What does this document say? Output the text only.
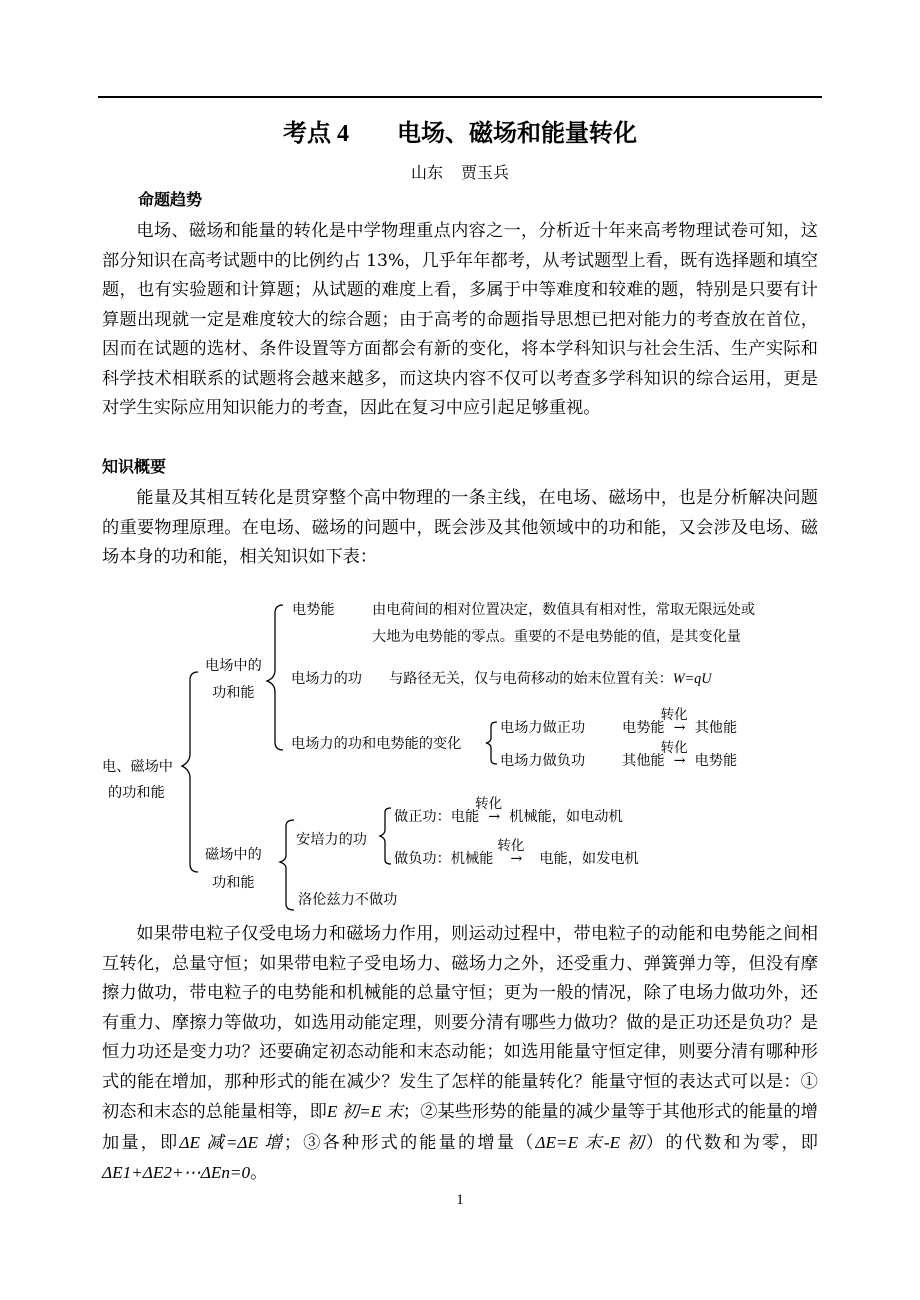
考点 4 电场、磁场和能量转化
山东 贾玉兵
命题趋势

电场、磁场和能量的转化是中学物理重点内容之一，分析近十年来高考物理试卷可知，这部分知识在高考试题中的比例约占 13%，几乎年年都考，从考试题型上看，既有选择题和填空题，也有实验题和计算题；从试题的难度上看，多属于中等难度和较难的题，特别是只要有计算题出现就一定是难度较大的综合题；由于高考的命题指导思想已把对能力的考查放在首位，因而在试题的选材、条件设置等方面都会有新的变化，将本学科知识与社会生活、生产实际和科学技术相联系的试题将会越来越多，而这块内容不仅可以考查多学科知识的综合运用，更是对学生实际应用知识能力的考查，因此在复习中应引起足够重视。

知识概要

能量及其相互转化是贯穿整个高中物理的一条主线，在电场、磁场中，也是分析解决问题的重要物理原理。在电场、磁场的问题中，既会涉及其他领域中的功和能，又会涉及电场、磁场本身的功和能，相关知识如下表：

电、磁场中
的功和能
电场中的
功和能
电势能	由电荷间的相对位置决定，数值具有相对性，常取无限远处或
大地为电势能的零点。重要的不是电势能的值，是其变化量
电场力的功 与路径无关，仅与电荷移动的始末位置有关：W=qU
电场力的功和电势能的变化
电场力做正功	电势能
转化
→ 其他能
电场力做负功	其他能
转化
→ 电势能
磁场中的
功和能
安培力的功
做正功：电能
转化
→ 机械能，如电动机
做负功：机械能
转化
→ 电能，如发电机
洛伦兹力不做功

如果带电粒子仅受电场力和磁场力作用，则运动过程中，带电粒子的动能和电势能之间相互转化，总量守恒；如果带电粒子受电场力、磁场力之外，还受重力、弹簧弹力等，但没有摩擦力做功，带电粒子的电势能和机械能的总量守恒；更为一般的情况，除了电场力做功外，还有重力、摩擦力等做功，如选用动能定理，则要分清有哪些力做功？做的是正功还是负功？是恒力功还是变力功？还要确定初态动能和末态动能；如选用能量守恒定律，则要分清有哪种形式的能在增加，那种形式的能在减少？发生了怎样的能量转化？能量守恒的表达式可以是：①初态和末态的总能量相等，即E 初=E 末；②某些形势的能量的减少量等于其他形式的能量的增加量，即ΔE 减=ΔE 增；③各种形式的能量的增量（ΔE=E 末-E 初）的代数和为零，即ΔE1+ΔE2+⋯ΔEn=0。

1
